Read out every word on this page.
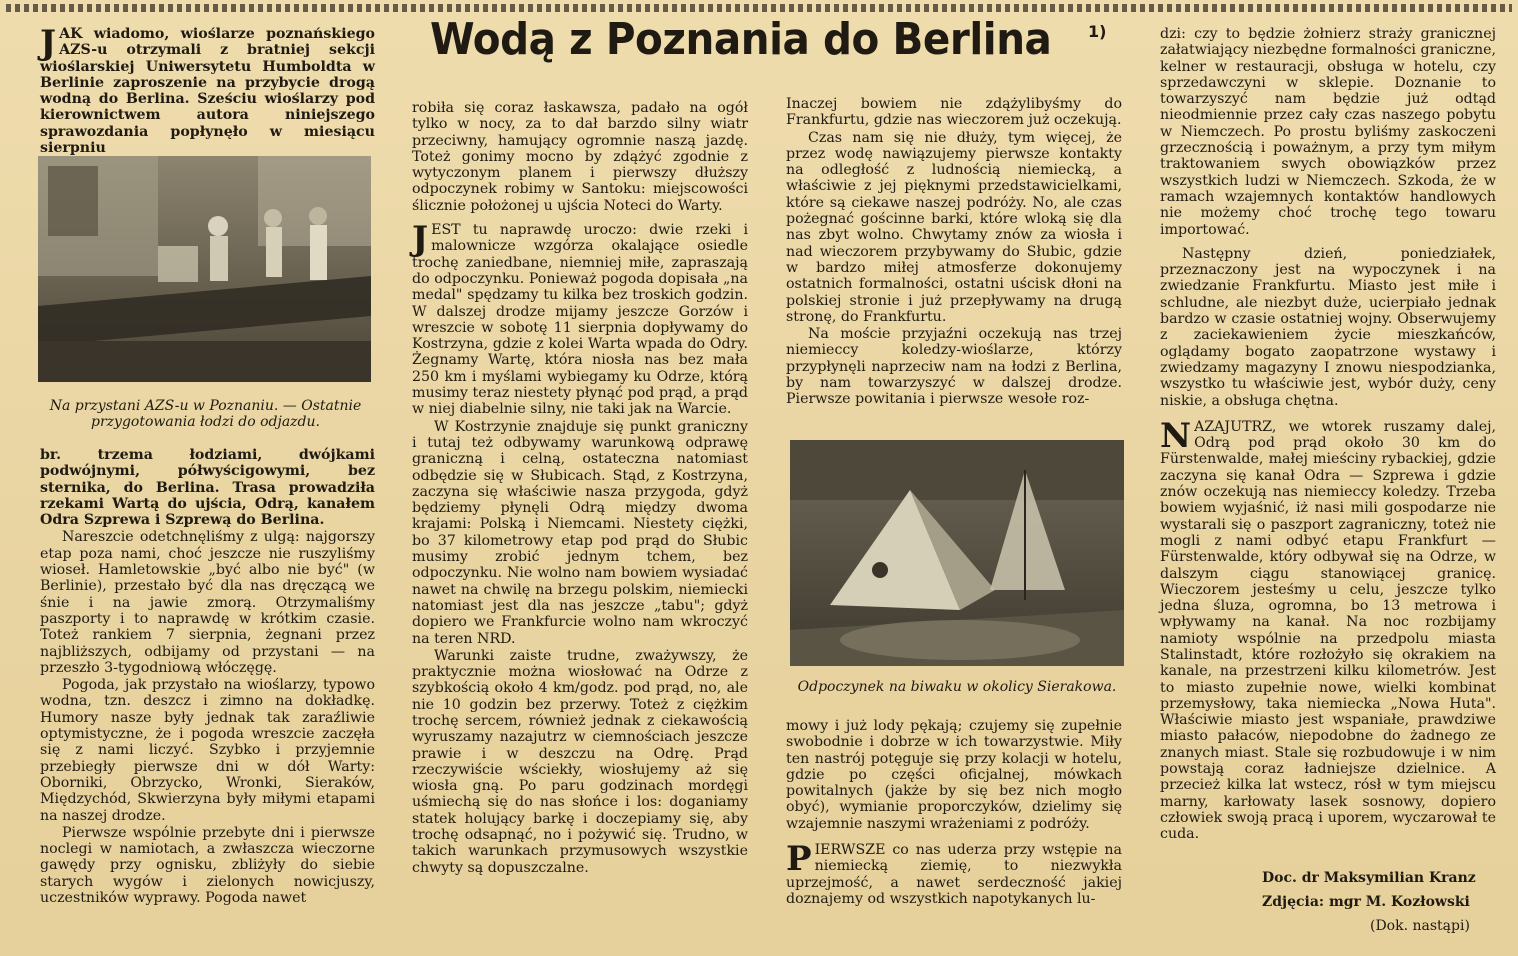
Wodą z Poznania do Berlina	1)

JAK wiadomo, wioślarze poznańskiego AZS-u otrzymali z bratniej sekcji wioślarskiej Uniwersytetu Humboldta w Berlinie zaproszenie na przybycie drogą wodną do Berlina. Sześciu wioślarzy pod kierownictwem autora niniejszego sprawozdania popłynęło w miesiącu sierpniu

Na przystani AZS-u w Poznaniu. — Ostatnie przygotowania łodzi do odjazdu.

br. trzema łodziami, dwójkami podwójnymi, półwyścigowymi, bez sternika, do Berlina. Trasa prowadziła rzekami Wartą do ujścia, Odrą, kanałem Odra Szprewa i Szprewą do Berlina.

Nareszcie odetchnęliśmy z ulgą: najgorszy etap poza nami, choć jeszcze nie ruszyliśmy wioseł. Hamletowskie „być albo nie być" (w Berlinie), przestało być dla nas dręczącą we śnie i na jawie zmorą. Otrzymaliśmy paszporty i to naprawdę w krótkim czasie. Toteż rankiem 7 sierpnia, żegnani przez najbliższych, odbijamy od przystani — na przeszło 3-tygodniową włóczęgę.

Pogoda, jak przystało na wioślarzy, typowo wodna, tzn. deszcz i zimno na dokładkę. Humory nasze były jednak tak zaraźliwie optymistyczne, że i pogoda wreszcie zaczęła się z nami liczyć. Szybko i przyjemnie przebiegły pierwsze dni w dół Warty: Oborniki, Obrzycko, Wronki, Sieraków, Międzychód, Skwierzyna były miłymi etapami na naszej drodze.

Pierwsze wspólnie przebyte dni i pierwsze noclegi w namiotach, a zwłaszcza wieczorne gawędy przy ognisku, zbliżyły do siebie starych wygów i zielonych nowicjuszy, uczestników wyprawy. Pogoda nawet

robiła się coraz łaskawsza, padało na ogół tylko w nocy, za to dał barzdo silny wiatr przeciwny, hamujący ogromnie naszą jazdę. Toteż gonimy mocno by zdążyć zgodnie z wytyczonym planem i pierwszy dłuższy odpoczynek robimy w Santoku: miejscowości ślicznie położonej u ujścia Noteci do Warty.

JEST tu naprawdę uroczo: dwie rzeki i malownicze wzgórza okalające osiedle trochę zaniedbane, niemniej miłe, zapraszają do odpoczynku. Ponieważ pogoda dopisała „na medal" spędzamy tu kilka bez troskich godzin. W dalszej drodze mijamy jeszcze Gorzów i wreszcie w sobotę 11 sierpnia dopływamy do Kostrzyna, gdzie z kolei Warta wpada do Odry. Żegnamy Wartę, która niosła nas bez mała 250 km i myślami wybiegamy ku Odrze, którą musimy teraz niestety płynąć pod prąd, a prąd w niej diabelnie silny, nie taki jak na Warcie.

W Kostrzynie znajduje się punkt graniczny i tutaj też odbywamy warunkową odprawę graniczną i celną, ostateczna natomiast odbędzie się w Słubicach. Stąd, z Kostrzyna, zaczyna się właściwie nasza przygoda, gdyż będziemy płynęli Odrą między dwoma krajami: Polską i Niemcami. Niestety ciężki, bo 37 kilometrowy etap pod prąd do Słubic musimy zrobić jednym tchem, bez odpoczynku. Nie wolno nam bowiem wysiadać nawet na chwilę na brzegu polskim, niemiecki natomiast jest dla nas jeszcze „tabu"; gdyż dopiero we Frankfurcie wolno nam wkroczyć na teren NRD.

Warunki zaiste trudne, zważywszy, że praktycznie można wiosłować na Odrze z szybkością około 4 km/godz. pod prąd, no, ale nie 10 godzin bez przerwy. Toteż z ciężkim trochę sercem, również jednak z ciekawością wyruszamy nazajutrz w ciemnościach jeszcze prawie i w deszczu na Odrę. Prąd rzeczywiście wściekły, wiosłujemy aż się wiosła gną. Po paru godzinach mordęgi uśmiechą się do nas słońce i los: doganiamy statek holujący barkę i doczepiamy się, aby trochę odsapnąć, no i pożywić się. Trudno, w takich warunkach przymusowych wszystkie chwyty są dopuszczalne.

Inaczej bowiem nie zdążylibyśmy do Frankfurtu, gdzie nas wieczorem już oczekują.

Czas nam się nie dłuży, tym więcej, że przez wodę nawiązujemy pierwsze kontakty na odległość z ludnością niemiecką, a właściwie z jej pięknymi przedstawicielkami, które są ciekawe naszej podróży. No, ale czas pożegnać gościnne barki, które wloką się dla nas zbyt wolno. Chwytamy znów za wiosła i nad wieczorem przybywamy do Słubic, gdzie w bardzo miłej atmosferze dokonujemy ostatnich formalności, ostatni uścisk dłoni na polskiej stronie i już przepływamy na drugą stronę, do Frankfurtu.

Na moście przyjaźni oczekują nas trzej niemieccy koledzy-wioślarze, którzy przypłynęli naprzeciw nam na łodzi z Berlina, by nam towarzyszyć w dalszej drodze. Pierwsze powitania i pierwsze wesołe roz-

Odpoczynek na biwaku w okolicy Sierakowa.

mowy i już lody pękają; czujemy się zupełnie swobodnie i dobrze w ich towarzystwie. Miły ten nastrój potęguje się przy kolacji w hotelu, gdzie po części oficjalnej, mówkach powitalnych (jakże by się bez nich mogło obyć), wymianie proporczyków, dzielimy się wzajemnie naszymi wrażeniami z podróży.

PIERWSZE co nas uderza przy wstępie na niemiecką ziemię, to niezwykła uprzejmość, a nawet serdeczność jakiej doznajemy od wszystkich napotykanych lu-

dzi: czy to będzie żołnierz straży granicznej załatwiający niezbędne formalności graniczne, kelner w restauracji, obsługa w hotelu, czy sprzedawczyni w sklepie. Doznanie to towarzyszyć nam będzie już odtąd nieodmiennie przez cały czas naszego pobytu w Niemczech. Po prostu byliśmy zaskoczeni grzecznością i poważnym, a przy tym miłym traktowaniem swych obowiązków przez wszystkich ludzi w Niemczech. Szkoda, że w ramach wzajemnych kontaktów handlowych nie możemy choć trochę tego towaru importować.

Następny dzień, poniedziałek, przeznaczony jest na wypoczynek i na zwiedzanie Frankfurtu. Miasto jest miłe i schludne, ale niezbyt duże, ucierpiało jednak bardzo w czasie ostatniej wojny. Obserwujemy z zaciekawieniem życie mieszkańców, oglądamy bogato zaopatrzone wystawy i zwiedzamy magazyny I znowu niespodzianka, wszystko tu właściwie jest, wybór duży, ceny niskie, a obsługa chętna.

NAZAJUTRZ, we wtorek ruszamy dalej, Odrą pod prąd około 30 km do Fürstenwalde, małej mieściny rybackiej, gdzie zaczyna się kanał Odra — Szprewa i gdzie znów oczekują nas niemieccy koledzy. Trzeba bowiem wyjaśnić, iż nasi mili gospodarze nie wystarali się o paszport zagraniczny, toteż nie mogli z nami odbyć etapu Frankfurt — Fürstenwalde, który odbywał się na Odrze, w dalszym ciągu stanowiącej granicę. Wieczorem jesteśmy u celu, jeszcze tylko jedna śluza, ogromna, bo 13 metrowa i wpływamy na kanał. Na noc rozbijamy namioty wspólnie na przedpolu miasta Stalinstadt, które rozłożyło się okrakiem na kanale, na przestrzeni kilku kilometrów. Jest to miasto zupełnie nowe, wielki kombinat przemysłowy, taka niemiecka „Nowa Huta". Właściwie miasto jest wspaniałe, prawdziwe miasto pałaców, niepodobne do żadnego ze znanych miast. Stale się rozbudowuje i w nim powstają coraz ładniejsze dzielnice. A przecież kilka lat wstecz, rósł w tym miejscu marny, karłowaty lasek sosnowy, dopiero człowiek swoją pracą i uporem, wyczarował te cuda.

Doc. dr Maksymilian Kranz
Zdjęcia: mgr M. Kozłowski
(Dok. nastąpi)
